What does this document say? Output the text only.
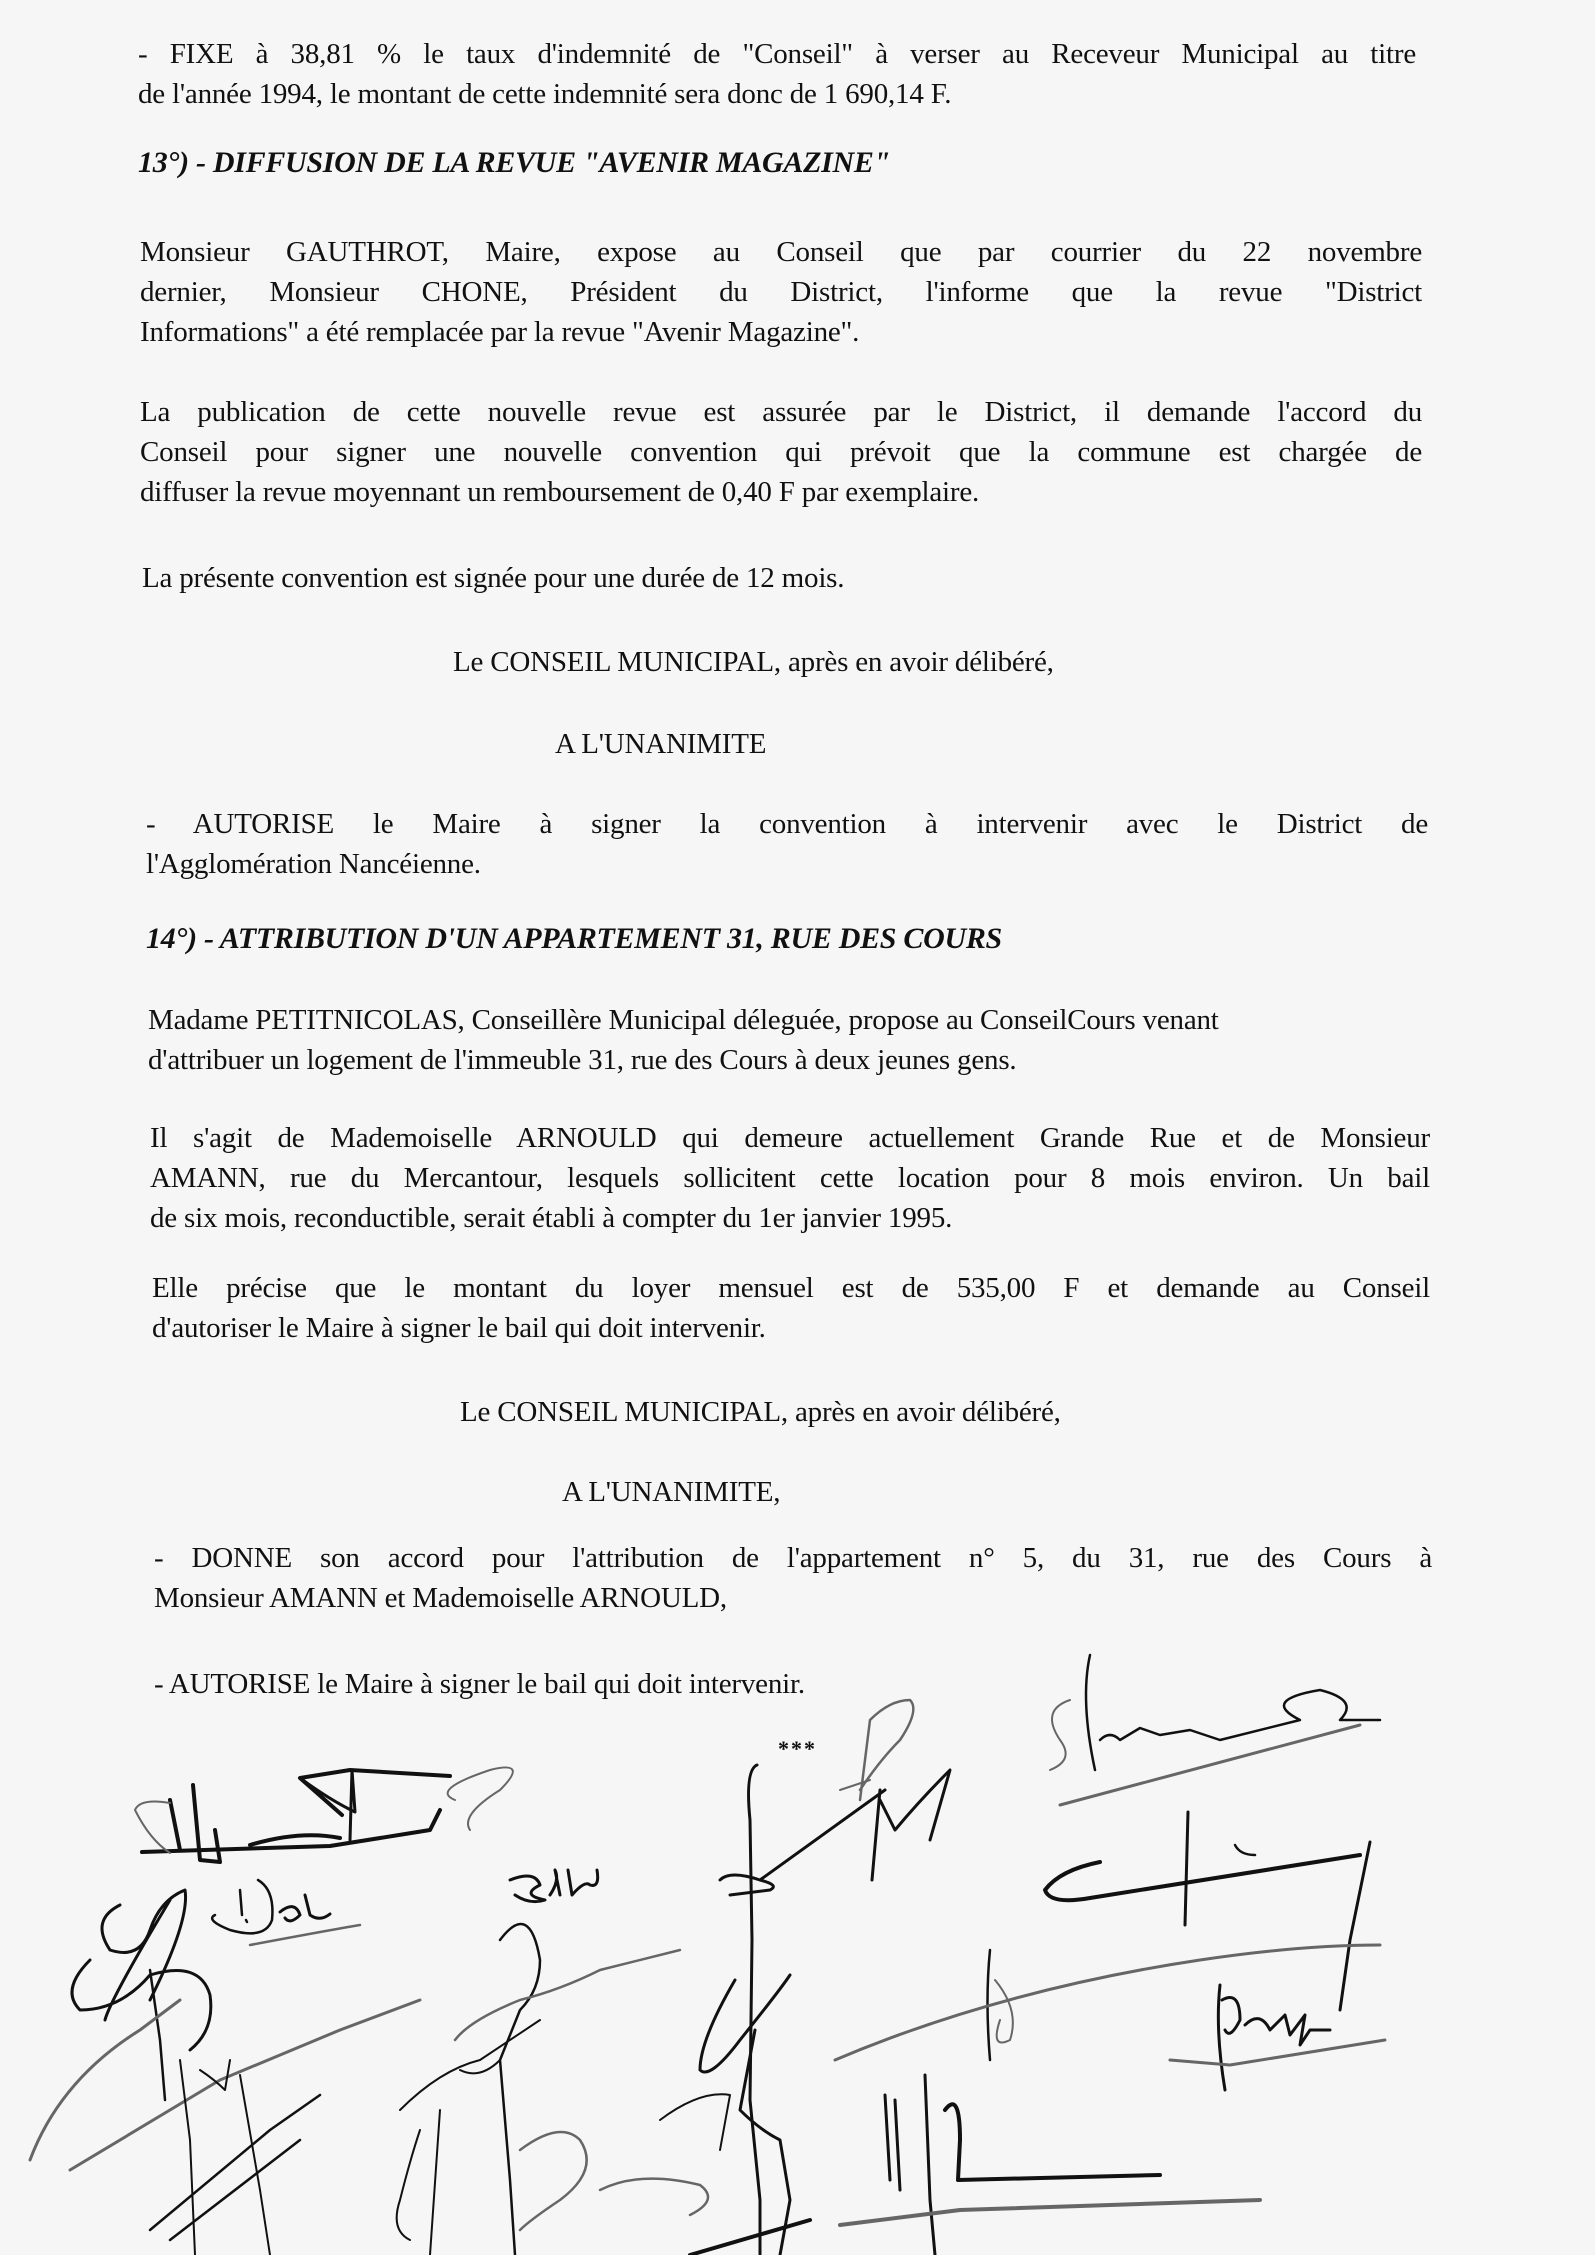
- FIXE à 38,81 % le taux d'indemnité de "Conseil" à verser au Receveur Municipal au titre
de l'année 1994, le montant de cette indemnité sera donc de 1 690,14 F.
13°) - DIFFUSION DE LA REVUE "AVENIR MAGAZINE"
Monsieur GAUTHROT, Maire, expose au Conseil que par courrier du 22 novembre
dernier, Monsieur CHONE, Président du District, l'informe que la revue "District
Informations" a été remplacée par la revue "Avenir Magazine".
La publication de cette nouvelle revue est assurée par le District, il demande l'accord du
Conseil pour signer une nouvelle convention qui prévoit que la commune est chargée de
diffuser la revue moyennant un remboursement de 0,40 F par exemplaire.
La présente convention est signée pour une durée de 12 mois.
Le CONSEIL MUNICIPAL, après en avoir délibéré,
A L'UNANIMITE
- AUTORISE le Maire à signer la convention à intervenir avec le District de
l'Agglomération Nancéienne.
14°) - ATTRIBUTION D'UN APPARTEMENT 31, RUE DES COURS
Madame PETITNICOLAS, Conseillère Municipal déleguée, propose au ConseilCours venant
d'attribuer un logement de l'immeuble 31, rue des Cours à deux jeunes gens.
Il s'agit de Mademoiselle ARNOULD qui demeure actuellement Grande Rue et de Monsieur
AMANN, rue du Mercantour, lesquels sollicitent cette location pour 8 mois environ. Un bail
de six mois, reconductible, serait établi à compter du 1er janvier 1995.
Elle précise que le montant du loyer mensuel est de 535,00 F et demande au Conseil
d'autoriser le Maire à signer le bail qui doit intervenir.
Le CONSEIL MUNICIPAL, après en avoir délibéré,
A L'UNANIMITE,
- DONNE son accord pour l'attribution de l'appartement n° 5, du 31, rue des Cours à
Monsieur AMANN et Mademoiselle ARNOULD,
- AUTORISE le Maire à signer le bail qui doit intervenir.
***
